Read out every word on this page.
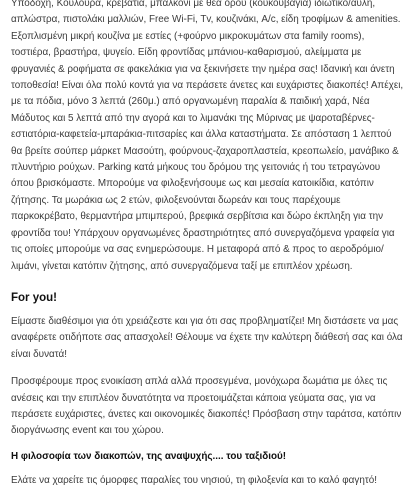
Υποδοχή, Κουλούρα, κρεβάτια, μπαλκόνι με θέα ορού (κουκουβάγια) ιδιωτικό/αυλή, απλώστρα, πιστολάκι μαλλιών, Free Wi-Fi, Tv, κουζινάκι, A/c, είδη τροφίμων & amenities. Εξοπλισμένη μικρή κουζίνα με εστίες (+φούρνο μικροκυμάτων στα family rooms), τοστιέρα, βραστήρα, ψυγείο. Είδη φροντίδας μπάνιου-καθαρισμού, αλείμματα με φρυγανιές & ροφήματα σε φακελάκια για να ξεκινήσετε την ημέρα σας! Ιδανική και άνετη τοποθεσία! Είναι όλα πολύ κοντά για να περάσετε άνετες και ευχάριστες διακοπές! Απέχει, με τα πόδια, μόνο 3 λεπτά (260μ.) από οργανωμένη παραλία & παιδική χαρά, Νέα Μάδυτος και 5 λεπτά από την αγορά και το λιμανάκι της Μύρινας με ψαροταβέρνες-εστιατόρια-καφετεία-μπαράκια-πιτσαρίες και άλλα καταστήματα. Σε απόσταση 1 λεπτού θα βρείτε σούπερ μάρκετ Μασούτη, φούρνους-ζαχαροπλαστεία, κρεοπωλείο, μανάβικο & πλυντήριο ρούχων. Parking κατά μήκους του δρόμου της γειτονιάς ή του τετραγώνου όπου βρισκόμαστε. Μπορούμε να φιλοξενήσουμε ως και μεσαία κατοικίδια, κατόπιν ζήτησης. Τα μωράκια ως 2 ετών, φιλοξενούνται δωρεάν και τους παρέχουμε παρκοκρέβατο, θερμαντήρα μπιμπερού, βρεφικά σερβίτσια και δώρο έκπληξη για την φροντίδα του! Υπάρχουν οργανωμένες δραστηριότητες από συνεργαζόμενα γραφεία για τις οποίες μπορούμε να σας ενημερώσουμε. Η μεταφορά από & προς το αεροδρόμιο/λιμάνι, γίνεται κατόπιν ζήτησης, από συνεργαζόμενα ταξί με επιπλέον χρέωση.

For you!

Είμαστε διαθέσιμοι για ότι χρειάζεστε και για ότι σας προβληματίζει! Μη διστάσετε να μας αναφέρετε οτιδήποτε σας απασχολεί! Θέλουμε να έχετε την καλύτερη διάθεσή σας και όλα είναι δυνατά!

Προσφέρουμε προς ενοικίαση απλά αλλά προσεγμένα, μονόχωρα δωμάτια με όλες τις ανέσεις και την επιπλέον δυνατότητα να προετοιμάζεται κάποια γεύματα σας, για να περάσετε ευχάριστες, άνετες και οικονομικές διακοπές! Πρόσβαση στην ταράτσα, κατόπιν διοργάνωσης event και του χώρου.

Η φιλοσοφία των διακοπών, της αναψυχής.... του ταξιδιού!

Ελάτε να χαρείτε τις όμορφες παραλίες του νησιού, τη φιλοξενία και το καλό φαγητό!
